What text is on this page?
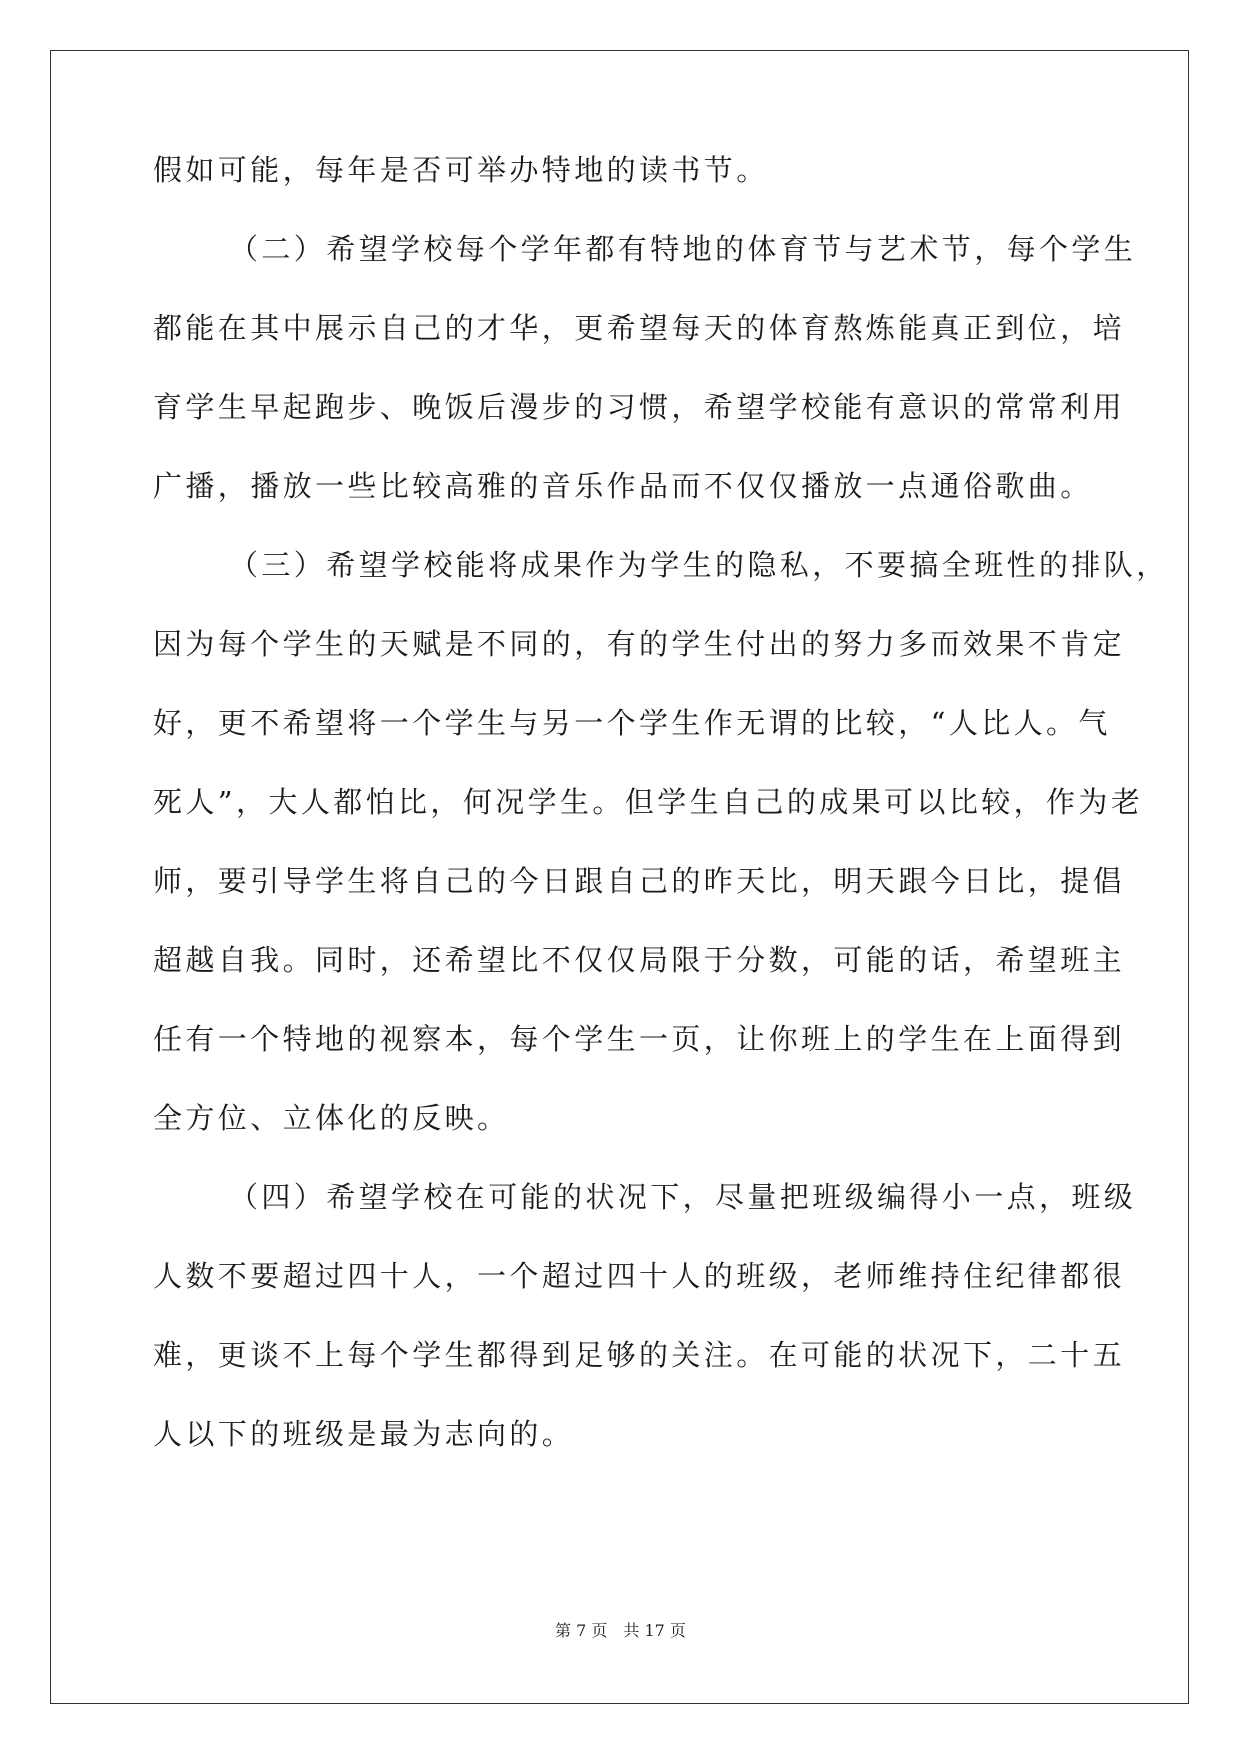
假如可能，每年是否可举办特地的读书节。
（二）希望学校每个学年都有特地的体育节与艺术节，每个学生
都能在其中展示自己的才华，更希望每天的体育熬炼能真正到位，培
育学生早起跑步、晚饭后漫步的习惯，希望学校能有意识的常常利用
广播，播放一些比较高雅的音乐作品而不仅仅播放一点通俗歌曲。
（三）希望学校能将成果作为学生的隐私，不要搞全班性的排队，
因为每个学生的天赋是不同的，有的学生付出的努力多而效果不肯定
好，更不希望将一个学生与另一个学生作无谓的比较，“人比人。气
死人”，大人都怕比，何况学生。但学生自己的成果可以比较，作为老
师，要引导学生将自己的今日跟自己的昨天比，明天跟今日比，提倡
超越自我。同时，还希望比不仅仅局限于分数，可能的话，希望班主
任有一个特地的视察本，每个学生一页，让你班上的学生在上面得到
全方位、立体化的反映。
（四）希望学校在可能的状况下，尽量把班级编得小一点，班级
人数不要超过四十人，一个超过四十人的班级，老师维持住纪律都很
难，更谈不上每个学生都得到足够的关注。在可能的状况下，二十五
人以下的班级是最为志向的。
第 7 页　共 17 页
